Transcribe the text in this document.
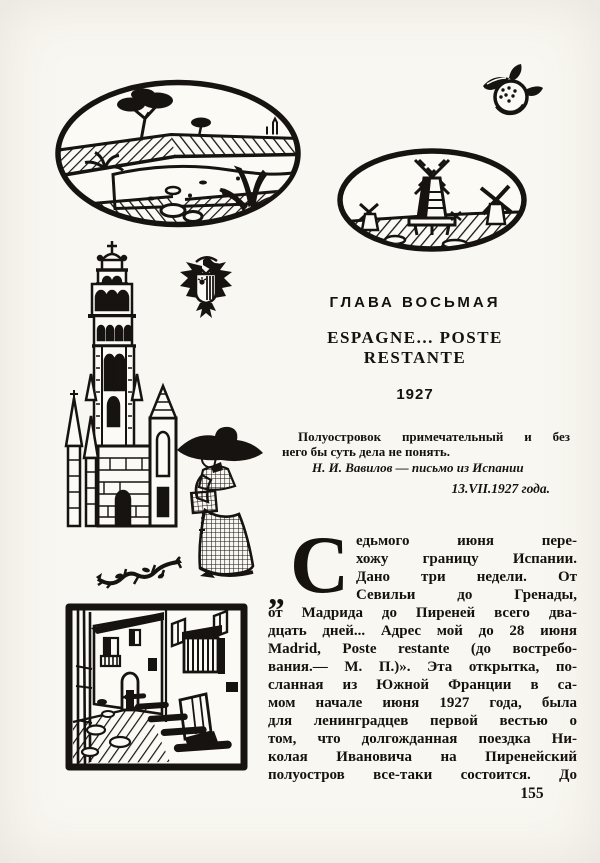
ГЛАВА ВОСЬМАЯ
ESPAGNE... POSTE
RESTANTE
1927
Полуостровок примечательный и без
него бы суть дела не понять.
Н. И. Вавилов — письмо из Испании
13.VII.1927 года.
„ С едьмого июня пере-
хожу границу Испании.
Дано три недели. От
Севильи до Гренады,
от Мадрида до Пиреней всего два-
дцать дней... Адрес мой до 28 июня
Madrid, Poste restante (до востребо-
вания.— М. П.)». Эта открытка, по-
сланная из Южной Франции в са-
мом начале июня 1927 года, была
для ленинградцев первой вестью о
том, что долгожданная поездка Ни-
колая Ивановича на Пиренейский
полуостров все-таки состоится. До
155
